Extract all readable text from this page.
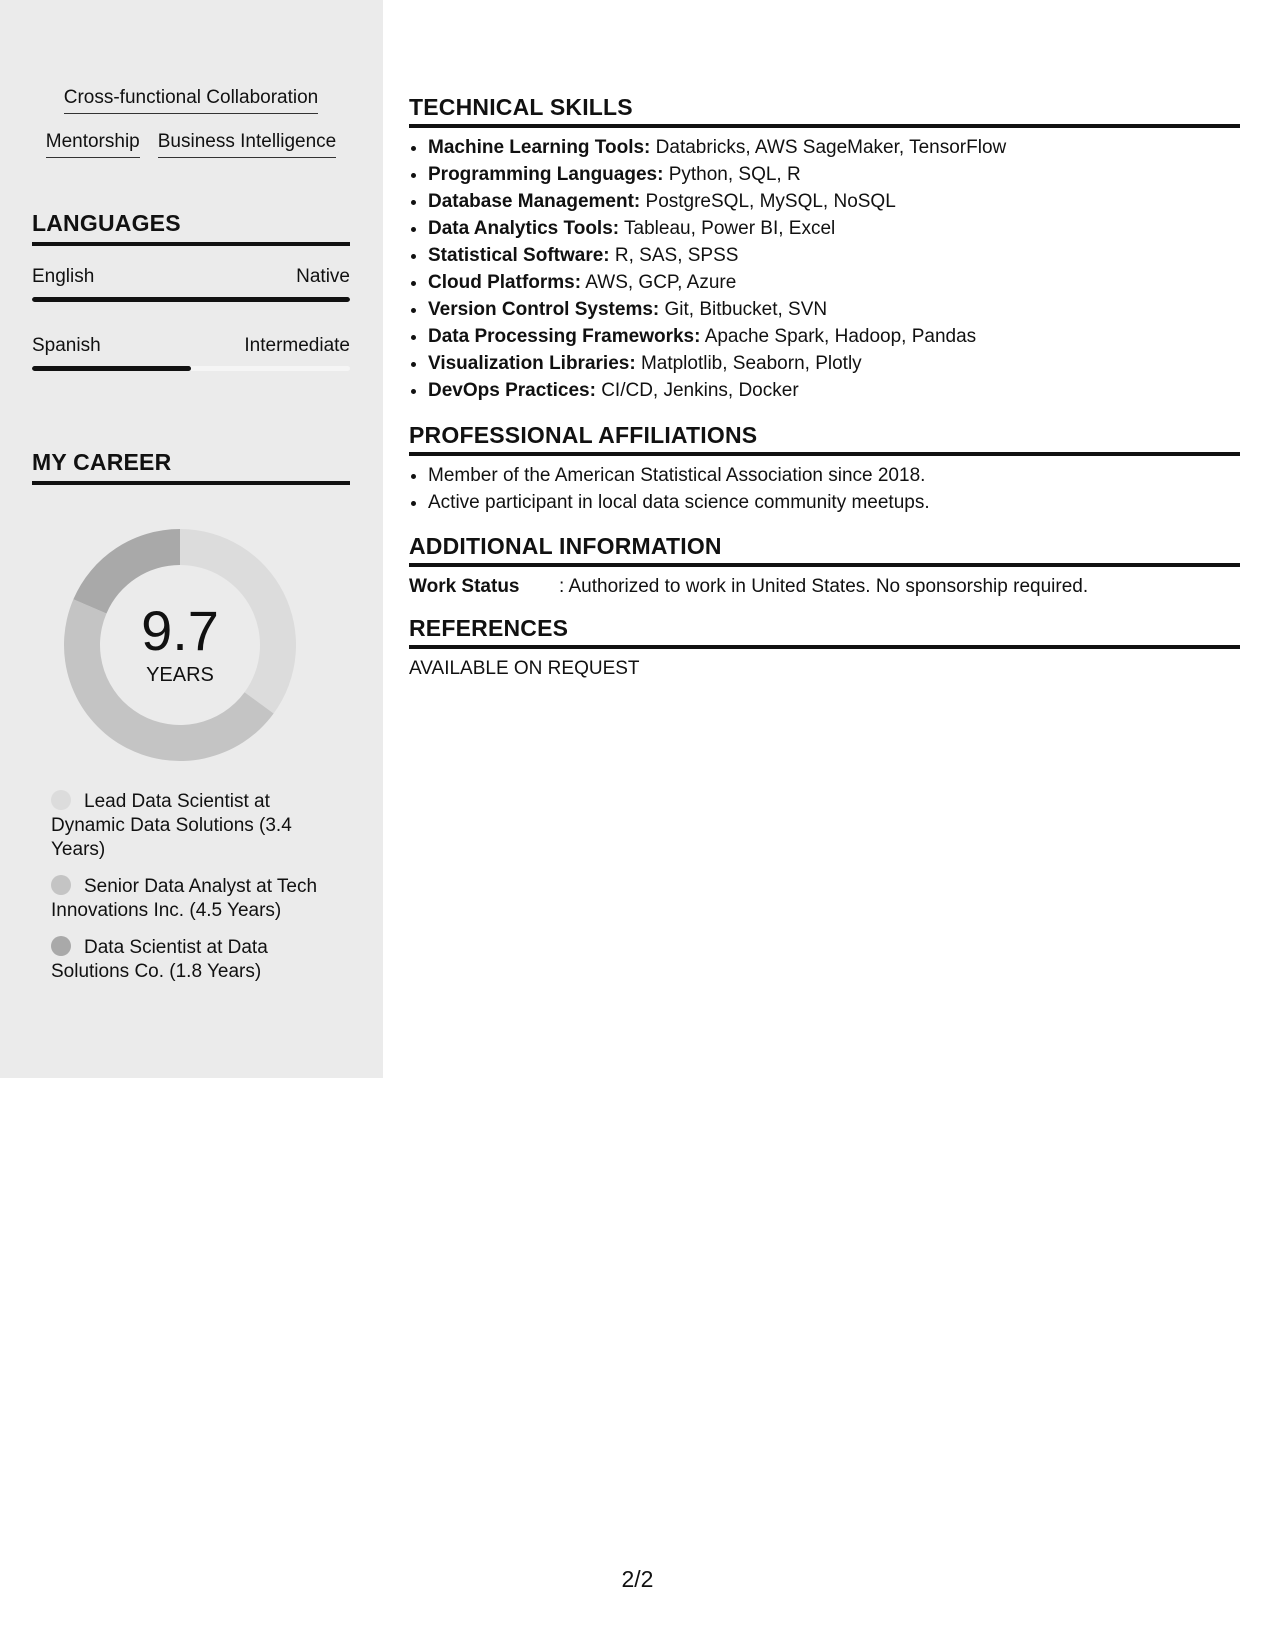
Cross-functional Collaboration
Mentorship Business Intelligence
LANGUAGES
English	Native
Spanish	Intermediate
MY CAREER
9.7
YEARS
Lead Data Scientist at Dynamic Data Solutions (3.4 Years)
Senior Data Analyst at Tech Innovations Inc. (4.5 Years)
Data Scientist at Data Solutions Co. (1.8 Years)
TECHNICAL SKILLS
• Machine Learning Tools: Databricks, AWS SageMaker, TensorFlow
• Programming Languages: Python, SQL, R
• Database Management: PostgreSQL, MySQL, NoSQL
• Data Analytics Tools: Tableau, Power BI, Excel
• Statistical Software: R, SAS, SPSS
• Cloud Platforms: AWS, GCP, Azure
• Version Control Systems: Git, Bitbucket, SVN
• Data Processing Frameworks: Apache Spark, Hadoop, Pandas
• Visualization Libraries: Matplotlib, Seaborn, Plotly
• DevOps Practices: CI/CD, Jenkins, Docker
PROFESSIONAL AFFILIATIONS
• Member of the American Statistical Association since 2018.
• Active participant in local data science community meetups.
ADDITIONAL INFORMATION
Work Status	: Authorized to work in United States. No sponsorship required.
REFERENCES
AVAILABLE ON REQUEST
2/2
